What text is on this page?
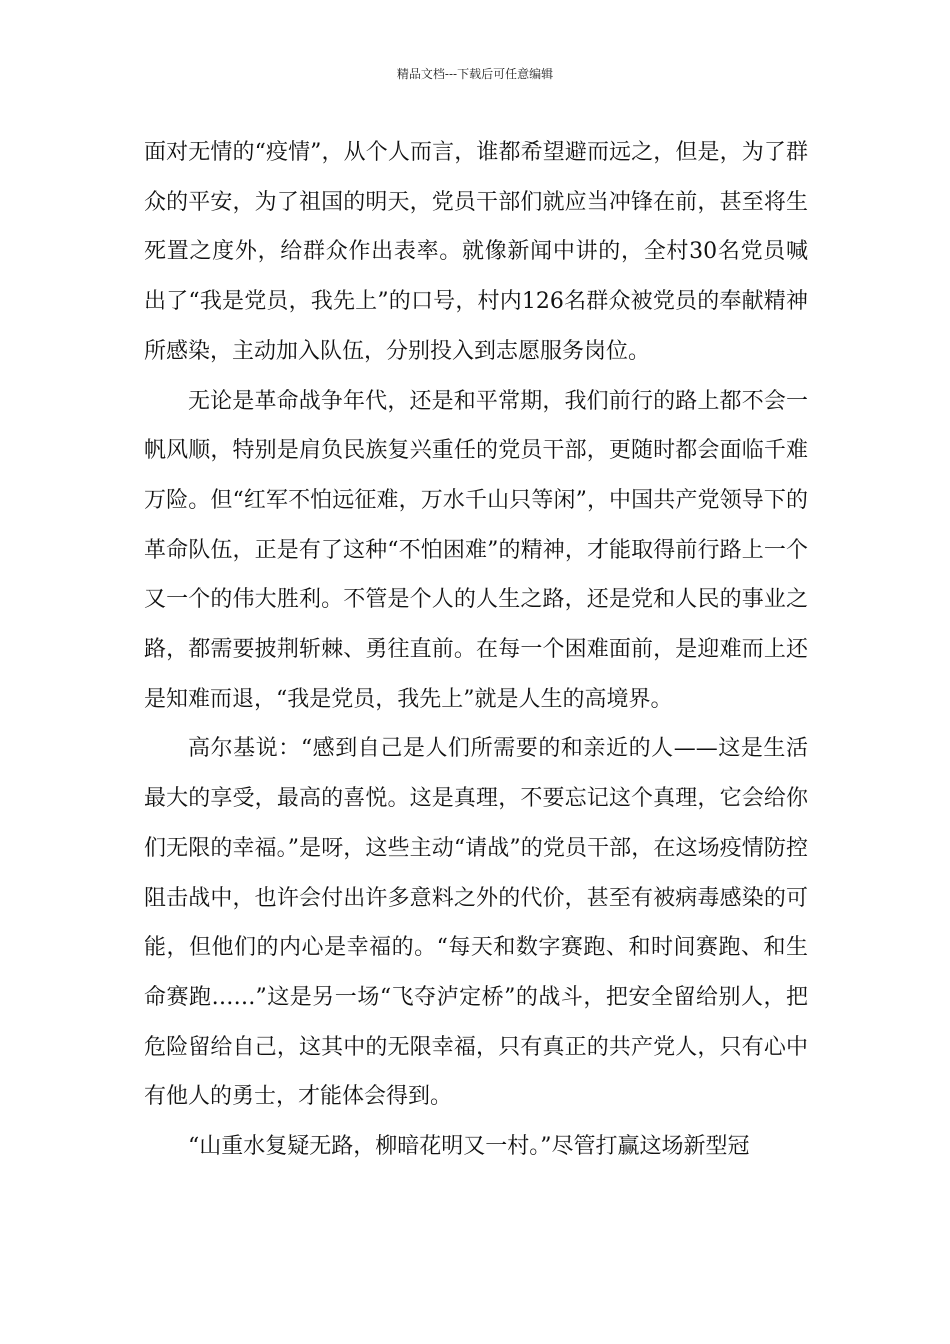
精品文档---下载后可任意编辑

面对无情的“疫情”，从个人而言，谁都希望避而远之，但是，为了群众的平安，为了祖国的明天，党员干部们就应当冲锋在前，甚至将生死置之度外，给群众作出表率。就像新闻中讲的，全村30名党员喊出了“我是党员，我先上”的口号，村内126名群众被党员的奉献精神所感染，主动加入队伍，分别投入到志愿服务岗位。

无论是革命战争年代，还是和平常期，我们前行的路上都不会一帆风顺，特别是肩负民族复兴重任的党员干部，更随时都会面临千难万险。但“红军不怕远征难，万水千山只等闲”，中国共产党领导下的革命队伍，正是有了这种“不怕困难”的精神，才能取得前行路上一个又一个的伟大胜利。不管是个人的人生之路，还是党和人民的事业之路，都需要披荆斩棘、勇往直前。在每一个困难面前，是迎难而上还是知难而退，“我是党员，我先上”就是人生的高境界。

高尔基说：“感到自己是人们所需要的和亲近的人——这是生活最大的享受，最高的喜悦。这是真理，不要忘记这个真理，它会给你们无限的幸福。”是呀，这些主动“请战”的党员干部，在这场疫情防控阻击战中，也许会付出许多意料之外的代价，甚至有被病毒感染的可能，但他们的内心是幸福的。“每天和数字赛跑、和时间赛跑、和生命赛跑……”这是另一场“飞夺泸定桥”的战斗，把安全留给别人，把危险留给自己，这其中的无限幸福，只有真正的共产党人，只有心中有他人的勇士，才能体会得到。

“山重水复疑无路，柳暗花明又一村。”尽管打赢这场新型冠
